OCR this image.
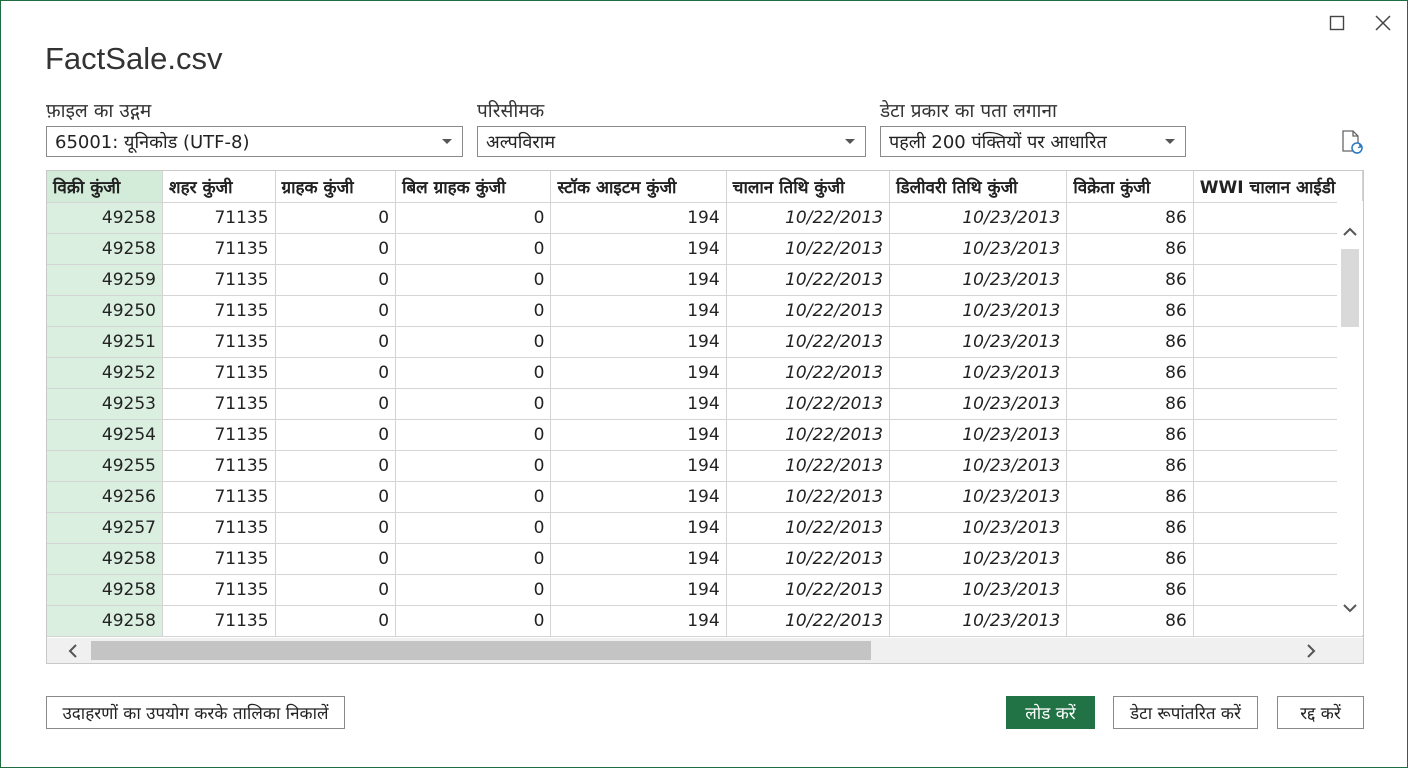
FactSale.csv
फ़ाइल का उद्गम
65001: यूनिकोड (UTF-8)
परिसीमक
अल्पविराम
डेटा प्रकार का पता लगाना
पहली 200 पंक्तियों पर आधारित
विक्री कुंजी	शहर कुंजी	ग्राहक कुंजी	बिल ग्राहक कुंजी	स्टॉक आइटम कुंजी	चालान तिथि कुंजी	डिलीवरी तिथि कुंजी	विक्रेता कुंजी	WWI चालान आईडी
49258	71135	0	0	194	10/22/2013	10/23/2013	86	
49258	71135	0	0	194	10/22/2013	10/23/2013	86	
49259	71135	0	0	194	10/22/2013	10/23/2013	86	
49250	71135	0	0	194	10/22/2013	10/23/2013	86	
49251	71135	0	0	194	10/22/2013	10/23/2013	86	
49252	71135	0	0	194	10/22/2013	10/23/2013	86	
49253	71135	0	0	194	10/22/2013	10/23/2013	86	
49254	71135	0	0	194	10/22/2013	10/23/2013	86	
49255	71135	0	0	194	10/22/2013	10/23/2013	86	
49256	71135	0	0	194	10/22/2013	10/23/2013	86	
49257	71135	0	0	194	10/22/2013	10/23/2013	86	
49258	71135	0	0	194	10/22/2013	10/23/2013	86	
49258	71135	0	0	194	10/22/2013	10/23/2013	86	
49258	71135	0	0	194	10/22/2013	10/23/2013	86	
उदाहरणों का उपयोग करके तालिका निकालें	लोड करें	डेटा रूपांतरित करें	रद्द करें
